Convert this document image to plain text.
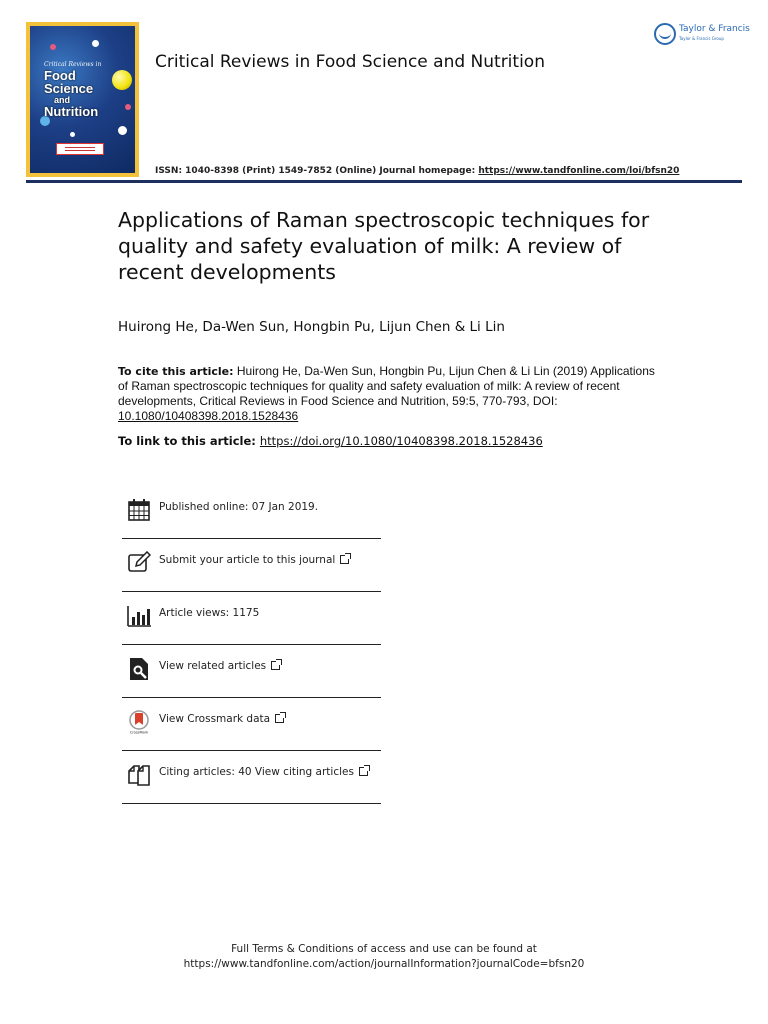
Critical Reviews in
Food
Science
and
Nutrition
Critical Reviews in Food Science and Nutrition
ISSN: 1040-8398 (Print) 1549-7852 (Online) Journal homepage: https://www.tandfonline.com/loi/bfsn20
Taylor & Francis
Taylor & Francis Group
Applications of Raman spectroscopic techniques for quality and safety evaluation of milk: A review of recent developments
Huirong He, Da-Wen Sun, Hongbin Pu, Lijun Chen & Li Lin
To cite this article: Huirong He, Da-Wen Sun, Hongbin Pu, Lijun Chen & Li Lin (2019) Applications of Raman spectroscopic techniques for quality and safety evaluation of milk: A review of recent developments, Critical Reviews in Food Science and Nutrition, 59:5, 770-793, DOI: 10.1080/10408398.2018.1528436
To link to this article: https://doi.org/10.1080/10408398.2018.1528436
Published online: 07 Jan 2019.
Submit your article to this journal
Article views: 1175
View related articles
CrossMark
View Crossmark data
Citing articles: 40 View citing articles
Full Terms & Conditions of access and use can be found at
https://www.tandfonline.com/action/journalInformation?journalCode=bfsn20
